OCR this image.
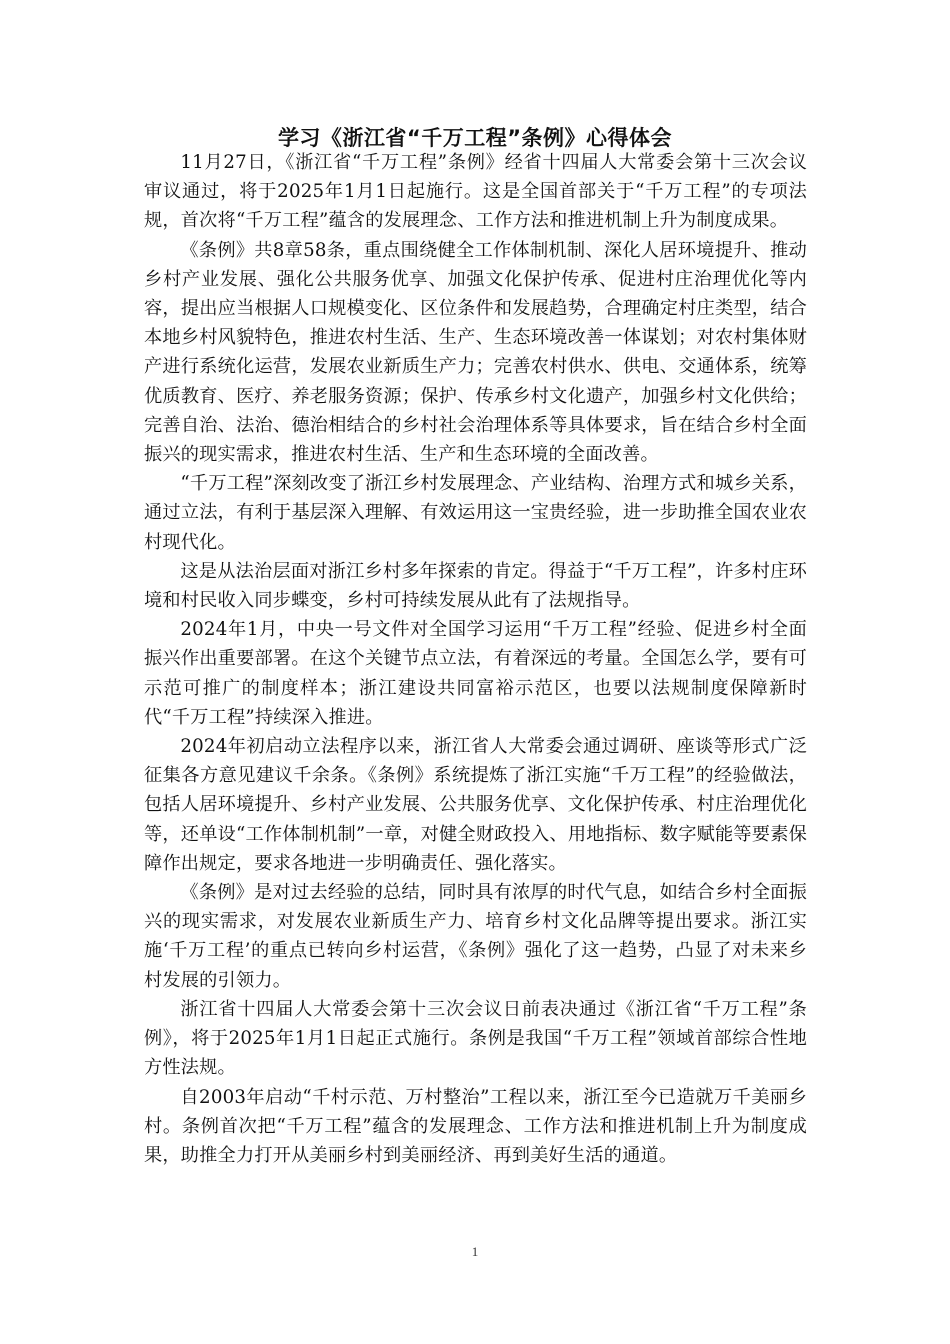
学习《浙江省“千万工程”条例》心得体会

11月27日，《浙江省“千万工程”条例》经省十四届人大常委会第十三次会议审议通过，将于2025年1月1日起施行。这是全国首部关于“千万工程”的专项法规，首次将“千万工程”蕴含的发展理念、工作方法和推进机制上升为制度成果。

《条例》共8章58条，重点围绕健全工作体制机制、深化人居环境提升、推动乡村产业发展、强化公共服务优享、加强文化保护传承、促进村庄治理优化等内容，提出应当根据人口规模变化、区位条件和发展趋势，合理确定村庄类型，结合本地乡村风貌特色，推进农村生活、生产、生态环境改善一体谋划；对农村集体财产进行系统化运营，发展农业新质生产力；完善农村供水、供电、交通体系，统筹优质教育、医疗、养老服务资源；保护、传承乡村文化遗产，加强乡村文化供给；完善自治、法治、德治相结合的乡村社会治理体系等具体要求，旨在结合乡村全面振兴的现实需求，推进农村生活、生产和生态环境的全面改善。

“千万工程”深刻改变了浙江乡村发展理念、产业结构、治理方式和城乡关系，通过立法，有利于基层深入理解、有效运用这一宝贵经验，进一步助推全国农业农村现代化。

这是从法治层面对浙江乡村多年探索的肯定。得益于“千万工程”，许多村庄环境和村民收入同步蝶变，乡村可持续发展从此有了法规指导。

2024年1月，中央一号文件对全国学习运用“千万工程”经验、促进乡村全面振兴作出重要部署。在这个关键节点立法，有着深远的考量。全国怎么学，要有可示范可推广的制度样本；浙江建设共同富裕示范区，也要以法规制度保障新时代“千万工程”持续深入推进。

2024年初启动立法程序以来，浙江省人大常委会通过调研、座谈等形式广泛征集各方意见建议千余条。《条例》系统提炼了浙江实施“千万工程”的经验做法，包括人居环境提升、乡村产业发展、公共服务优享、文化保护传承、村庄治理优化等，还单设“工作体制机制”一章，对健全财政投入、用地指标、数字赋能等要素保障作出规定，要求各地进一步明确责任、强化落实。

《条例》是对过去经验的总结，同时具有浓厚的时代气息，如结合乡村全面振兴的现实需求，对发展农业新质生产力、培育乡村文化品牌等提出要求。浙江实施‘千万工程’的重点已转向乡村运营，《条例》强化了这一趋势，凸显了对未来乡村发展的引领力。

浙江省十四届人大常委会第十三次会议日前表决通过《浙江省“千万工程”条例》，将于2025年1月1日起正式施行。条例是我国“千万工程”领域首部综合性地方性法规。

自2003年启动“千村示范、万村整治”工程以来，浙江至今已造就万千美丽乡村。条例首次把“千万工程”蕴含的发展理念、工作方法和推进机制上升为制度成果，助推全力打开从美丽乡村到美丽经济、再到美好生活的通道。

1
